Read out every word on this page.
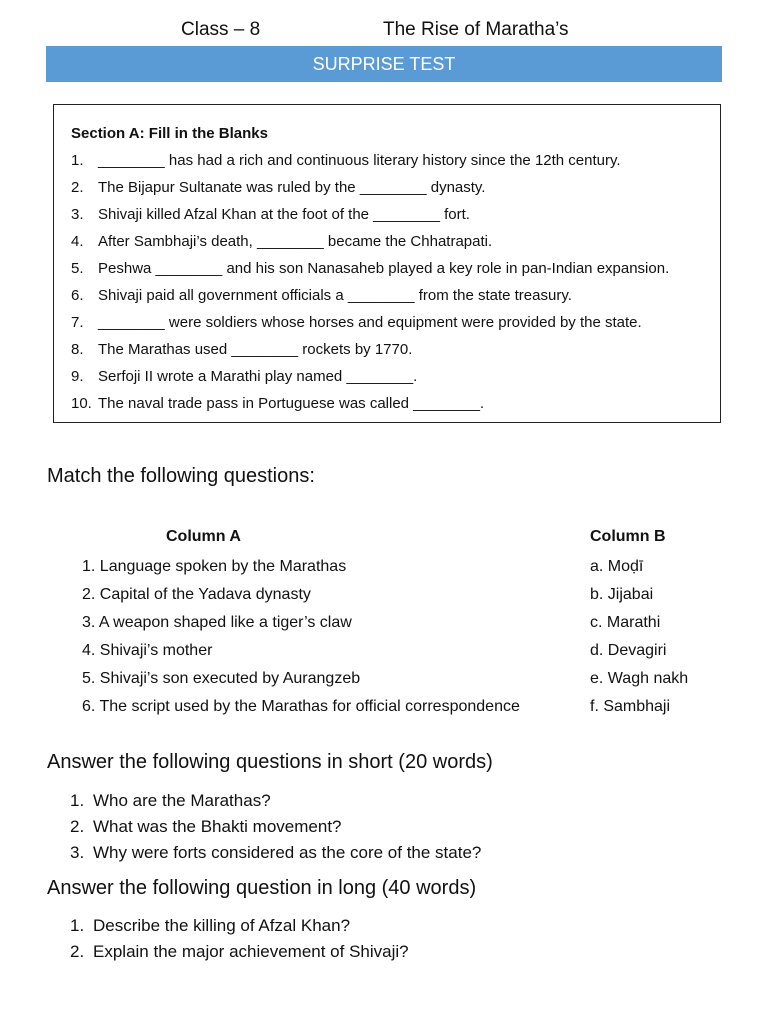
Class – 8	The Rise of Maratha’s
SURPRISE TEST
Section A: Fill in the Blanks
1. ________ has had a rich and continuous literary history since the 12th century.
2. The Bijapur Sultanate was ruled by the ________ dynasty.
3. Shivaji killed Afzal Khan at the foot of the ________ fort.
4. After Sambhaji’s death, ________ became the Chhatrapati.
5. Peshwa ________ and his son Nanasaheb played a key role in pan-Indian expansion.
6. Shivaji paid all government officials a ________ from the state treasury.
7. ________ were soldiers whose horses and equipment were provided by the state.
8. The Marathas used ________ rockets by 1770.
9. Serfoji II wrote a Marathi play named ________.
10. The naval trade pass in Portuguese was called ________.
Match the following questions:
Column A	Column B
1. Language spoken by the Marathas	a. Moḍī
2. Capital of the Yadava dynasty	b. Jijabai
3. A weapon shaped like a tiger’s claw	c. Marathi
4. Shivaji’s mother	d. Devagiri
5. Shivaji’s son executed by Aurangzeb	e. Wagh nakh
6. The script used by the Marathas for official correspondence	f. Sambhaji
Answer the following questions in short (20 words)
1. Who are the Marathas?
2. What was the Bhakti movement?
3. Why were forts considered as the core of the state?
Answer the following question in long (40 words)
1. Describe the killing of Afzal Khan?
2. Explain the major achievement of Shivaji?
